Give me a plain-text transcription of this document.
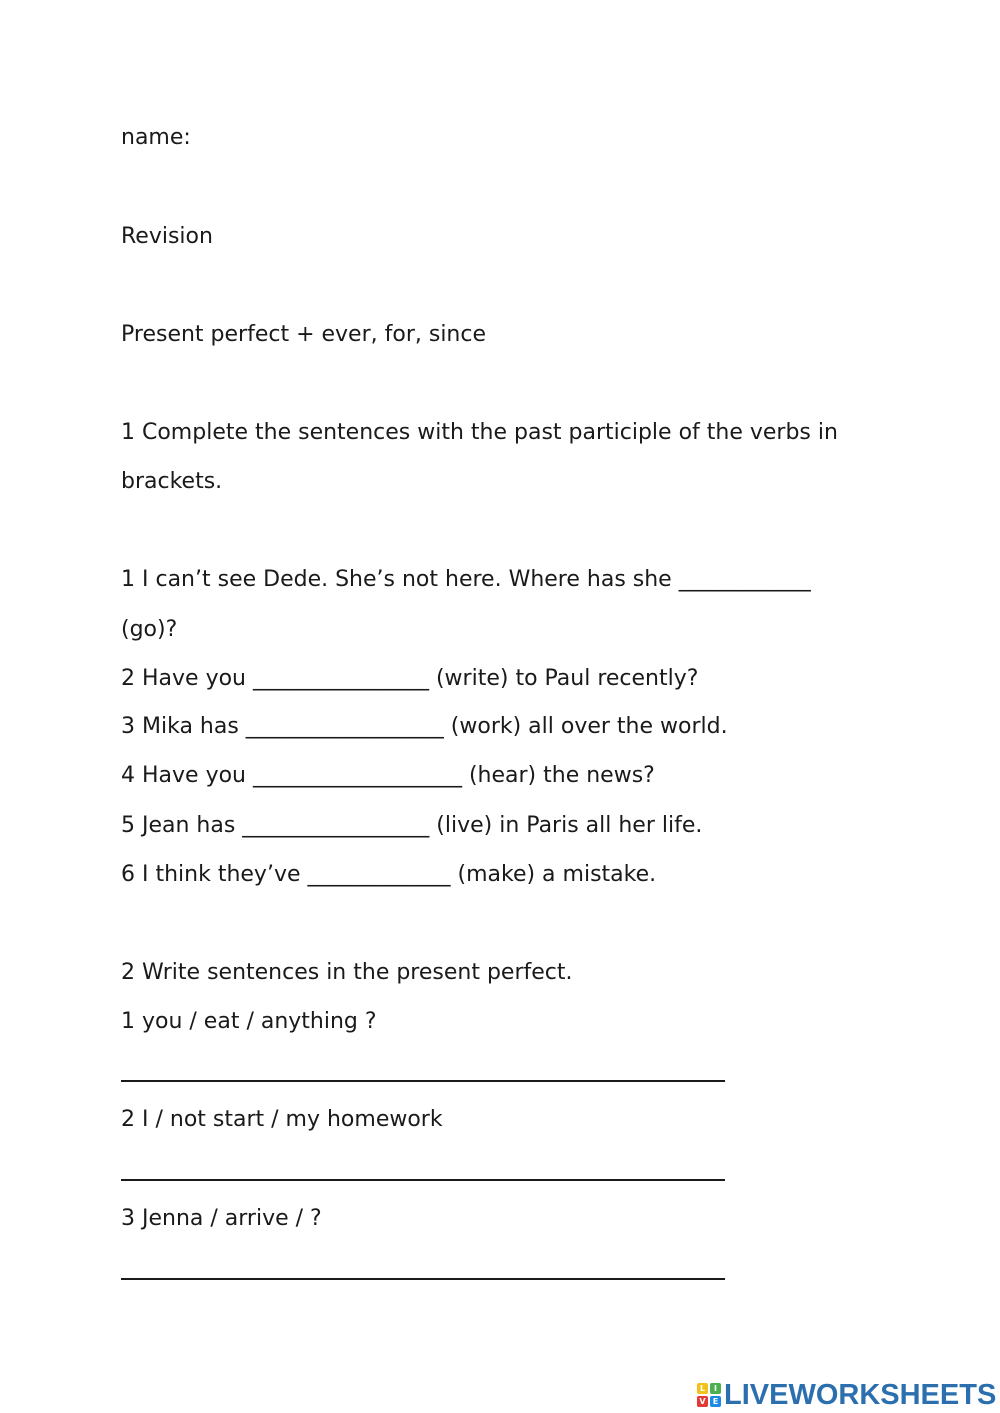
name:
Revision
Present perfect + ever, for, since
1 Complete the sentences with the past participle of the verbs in
brackets.
1 I can’t see Dede. She’s not here. Where has she ____________
(go)?
2 Have you ________________ (write) to Paul recently?
3 Mika has __________________ (work) all over the world.
4 Have you ___________________ (hear) the news?
5 Jean has _________________ (live) in Paris all her life.
6 I think they’ve _____________ (make) a mistake.
2 Write sentences in the present perfect.
1 you / eat / anything ?
2 I / not start / my homework
3 Jenna / arrive / ?
L	I
V E LIVEWORKSHEETS
